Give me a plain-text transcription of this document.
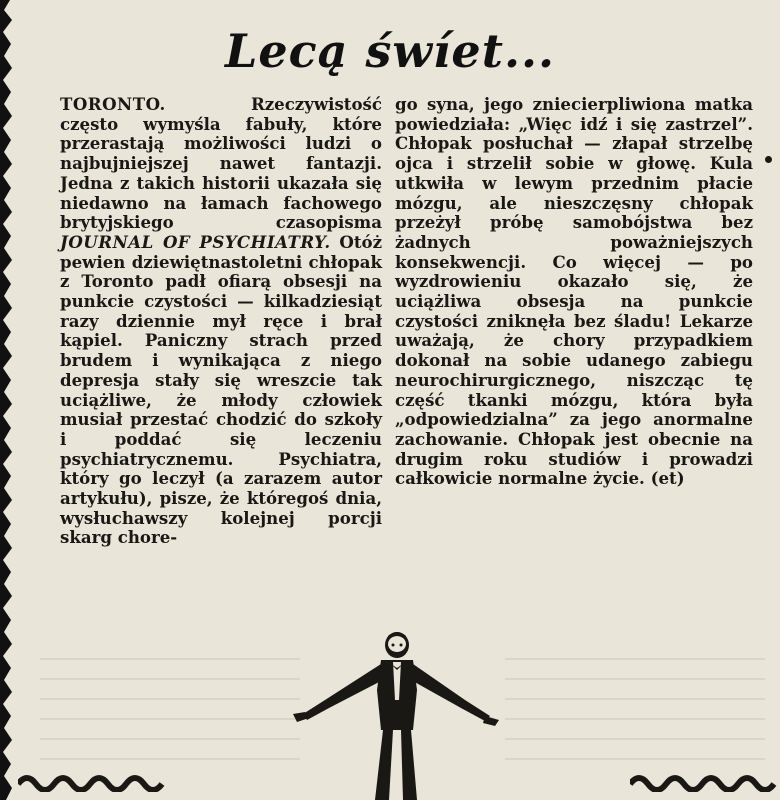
Lecą śwíet...

TORONTO.	Rzeczywistość często wymyśla fabuły, które przerastają możliwości ludzi o najbujniejszej nawet fantazji. Jedna z takich historii ukazała się niedawno na łamach fachowego brytyjskiego czasopisma JOURNAL OF PSYCHIATRY. Otóż pewien dziewiętnastoletni chłopak z Toronto padł ofiarą obsesji na punkcie czystości — kilkadziesiąt razy dziennie mył ręce i brał kąpiel. Paniczny strach przed brudem i wynikająca z niego depresja stały się wreszcie tak uciążliwe, że młody człowiek musiał przestać chodzić do szkoły i poddać się leczeniu psychiatrycznemu. Psychiatra, który go leczył (a zarazem autor artykułu), pisze, że któregoś dnia, wysłuchawszy kolejnej porcji skarg chore-

go syna, jego zniecierpliwiona matka powiedziała: „Więc idź i się zastrzel”. Chłopak posłuchał — złapał strzelbę ojca i strzelił sobie w głowę. Kula utkwiła w lewym przednim płacie mózgu, ale nieszczęsny chłopak przeżył próbę samobójstwa bez żadnych poważniejszych konsekwencji. Co więcej — po wyzdrowieniu okazało się, że uciążliwa obsesja na punkcie czystości zniknęła bez śladu! Lekarze uważają, że chory przypadkiem dokonał na sobie udanego zabiegu neurochirurgicznego, niszcząc tę część tkanki mózgu, która była „odpowiedzialna” za jego anormalne zachowanie. Chłopak jest obecnie na drugim roku studiów i prowadzi całkowicie normalne życie. (et)
